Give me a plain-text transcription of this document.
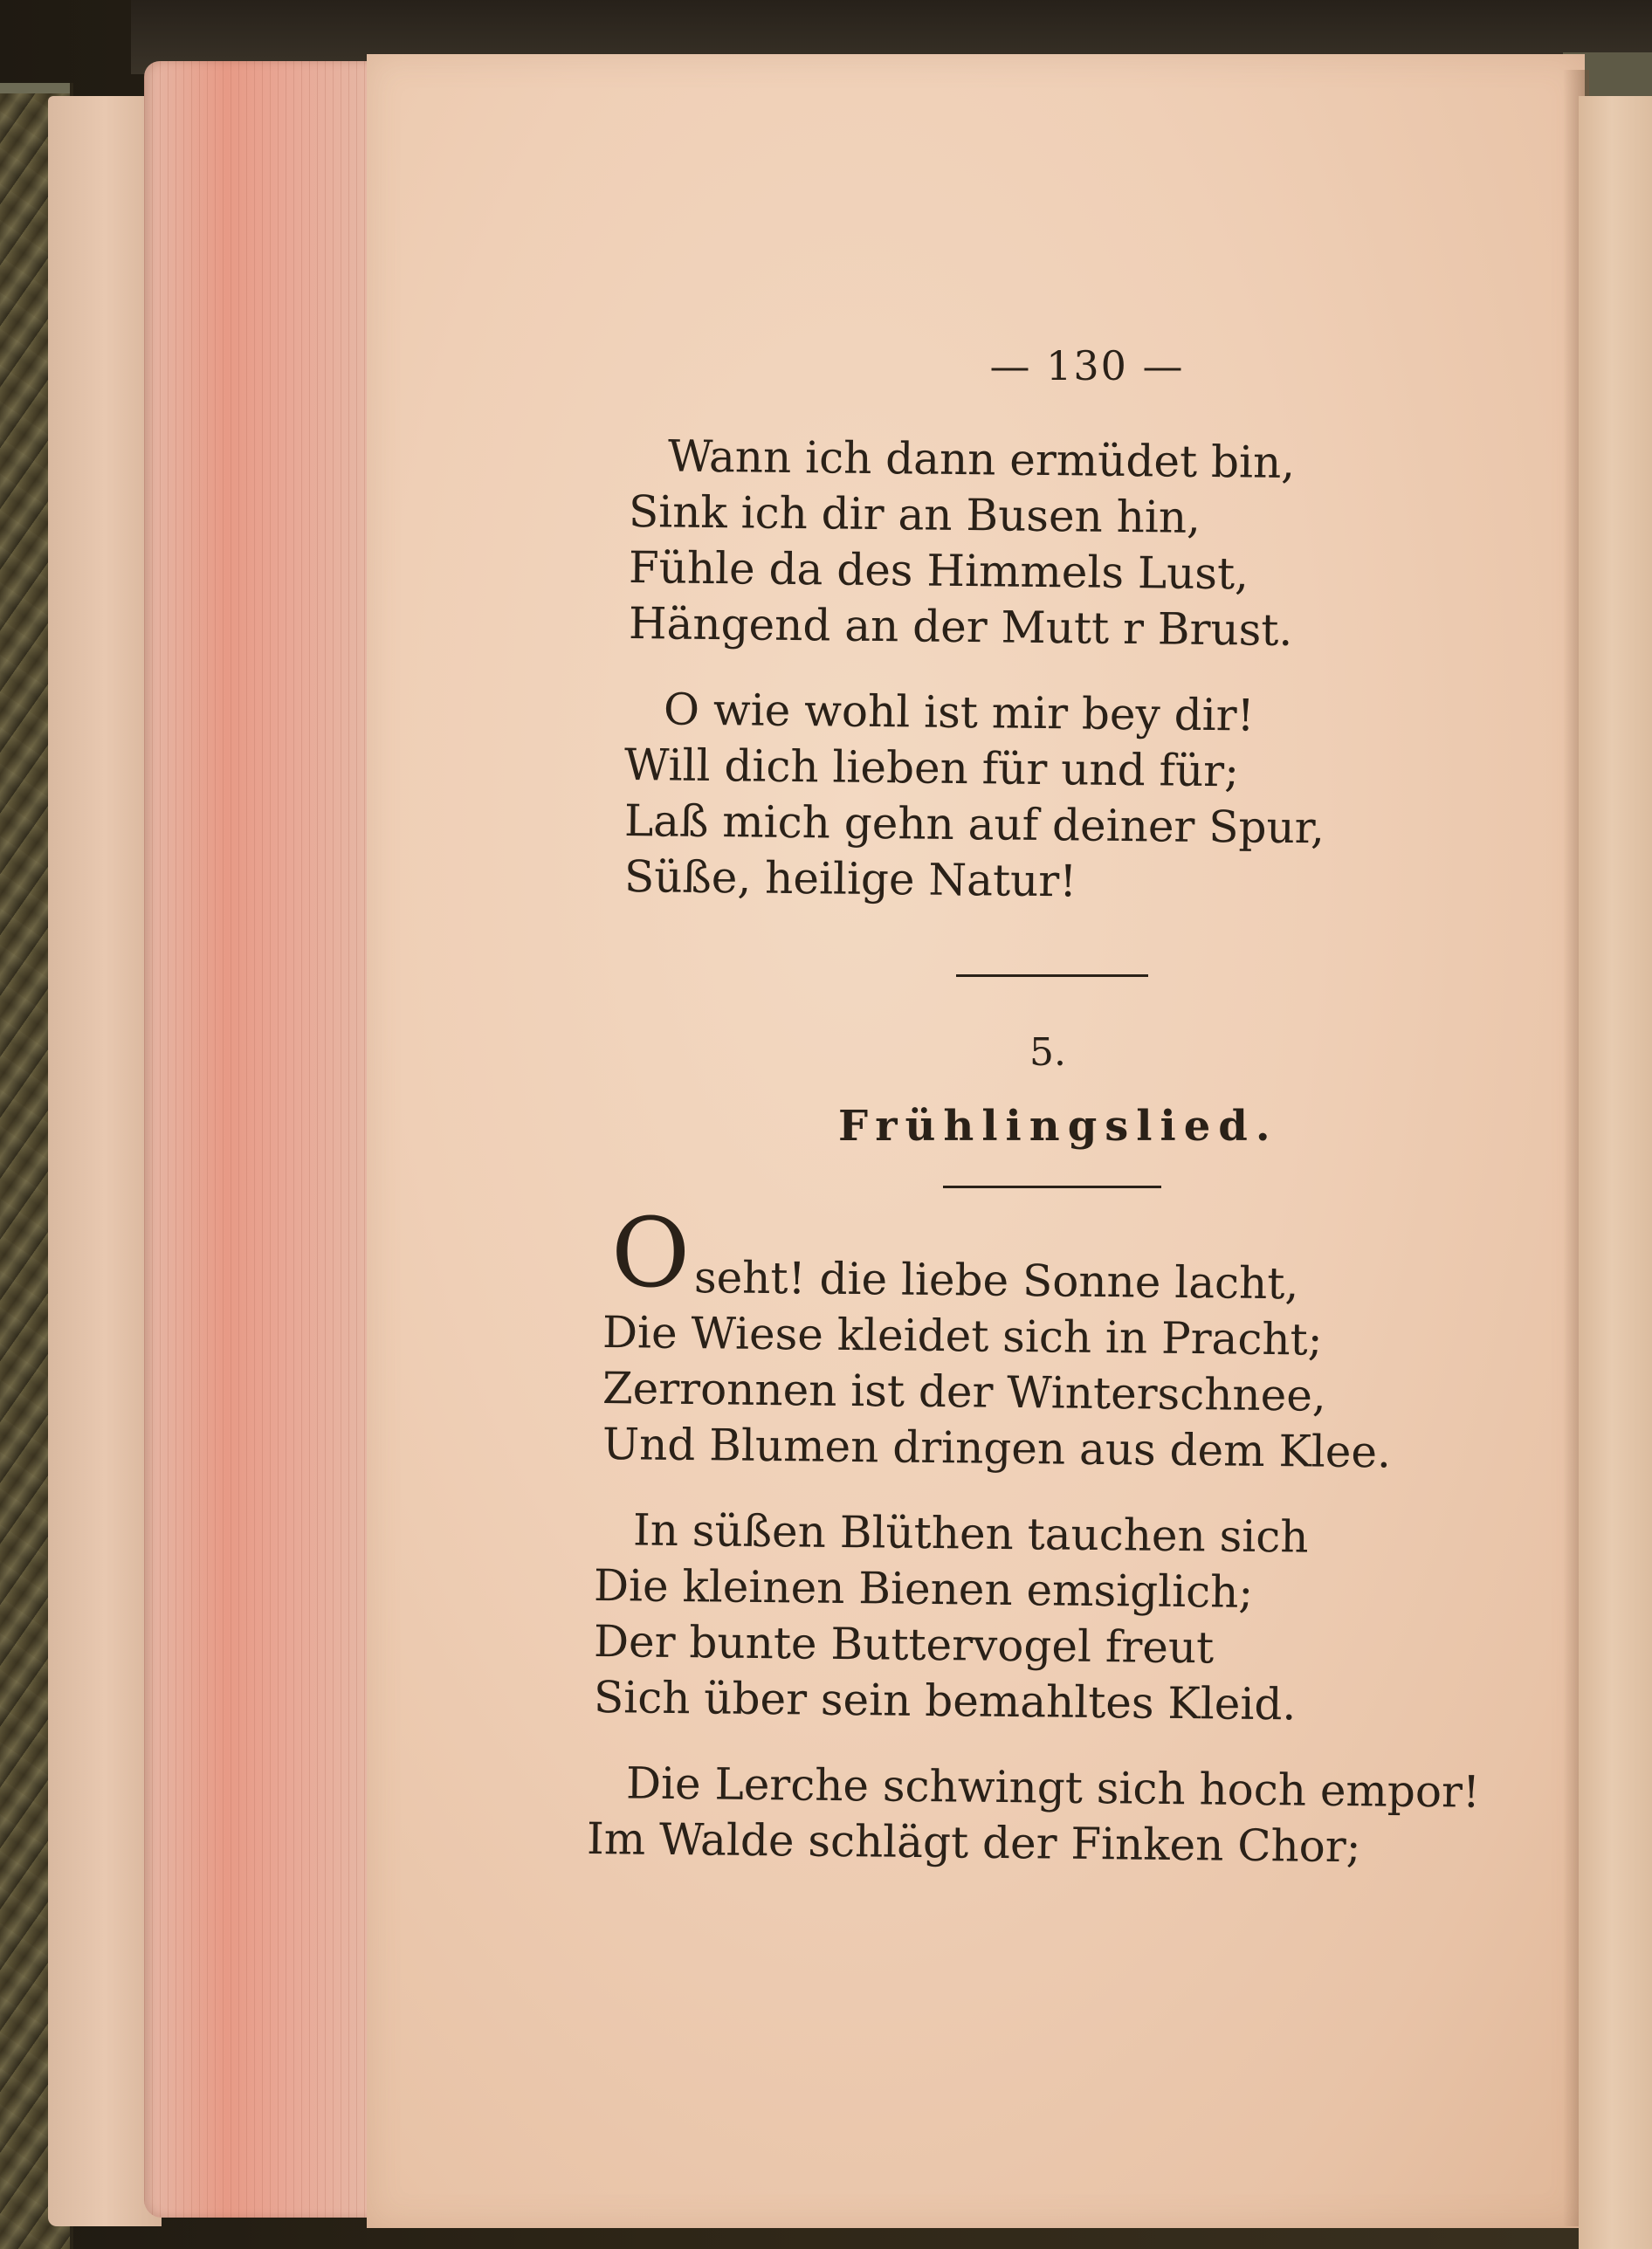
— 130 —
Wann ich dann ermüdet bin,
Sink ich dir an Busen hin,
Fühle da des Himmels Lust,
Hängend an der Mutt r Brust.
O wie wohl ist mir bey dir!
Will dich lieben für und für;
Laß mich gehn auf deiner Spur,
Süße, heilige Natur!
5.
Frühlingslied.
O seht! die liebe Sonne lacht,
Die Wiese kleidet sich in Pracht;
Zerronnen ist der Winterschnee,
Und Blumen dringen aus dem Klee.
In süßen Blüthen tauchen sich
Die kleinen Bienen emsiglich;
Der bunte Buttervogel freut
Sich über sein bemahltes Kleid.
Die Lerche schwingt sich hoch empor!
Im Walde schlägt der Finken Chor;
